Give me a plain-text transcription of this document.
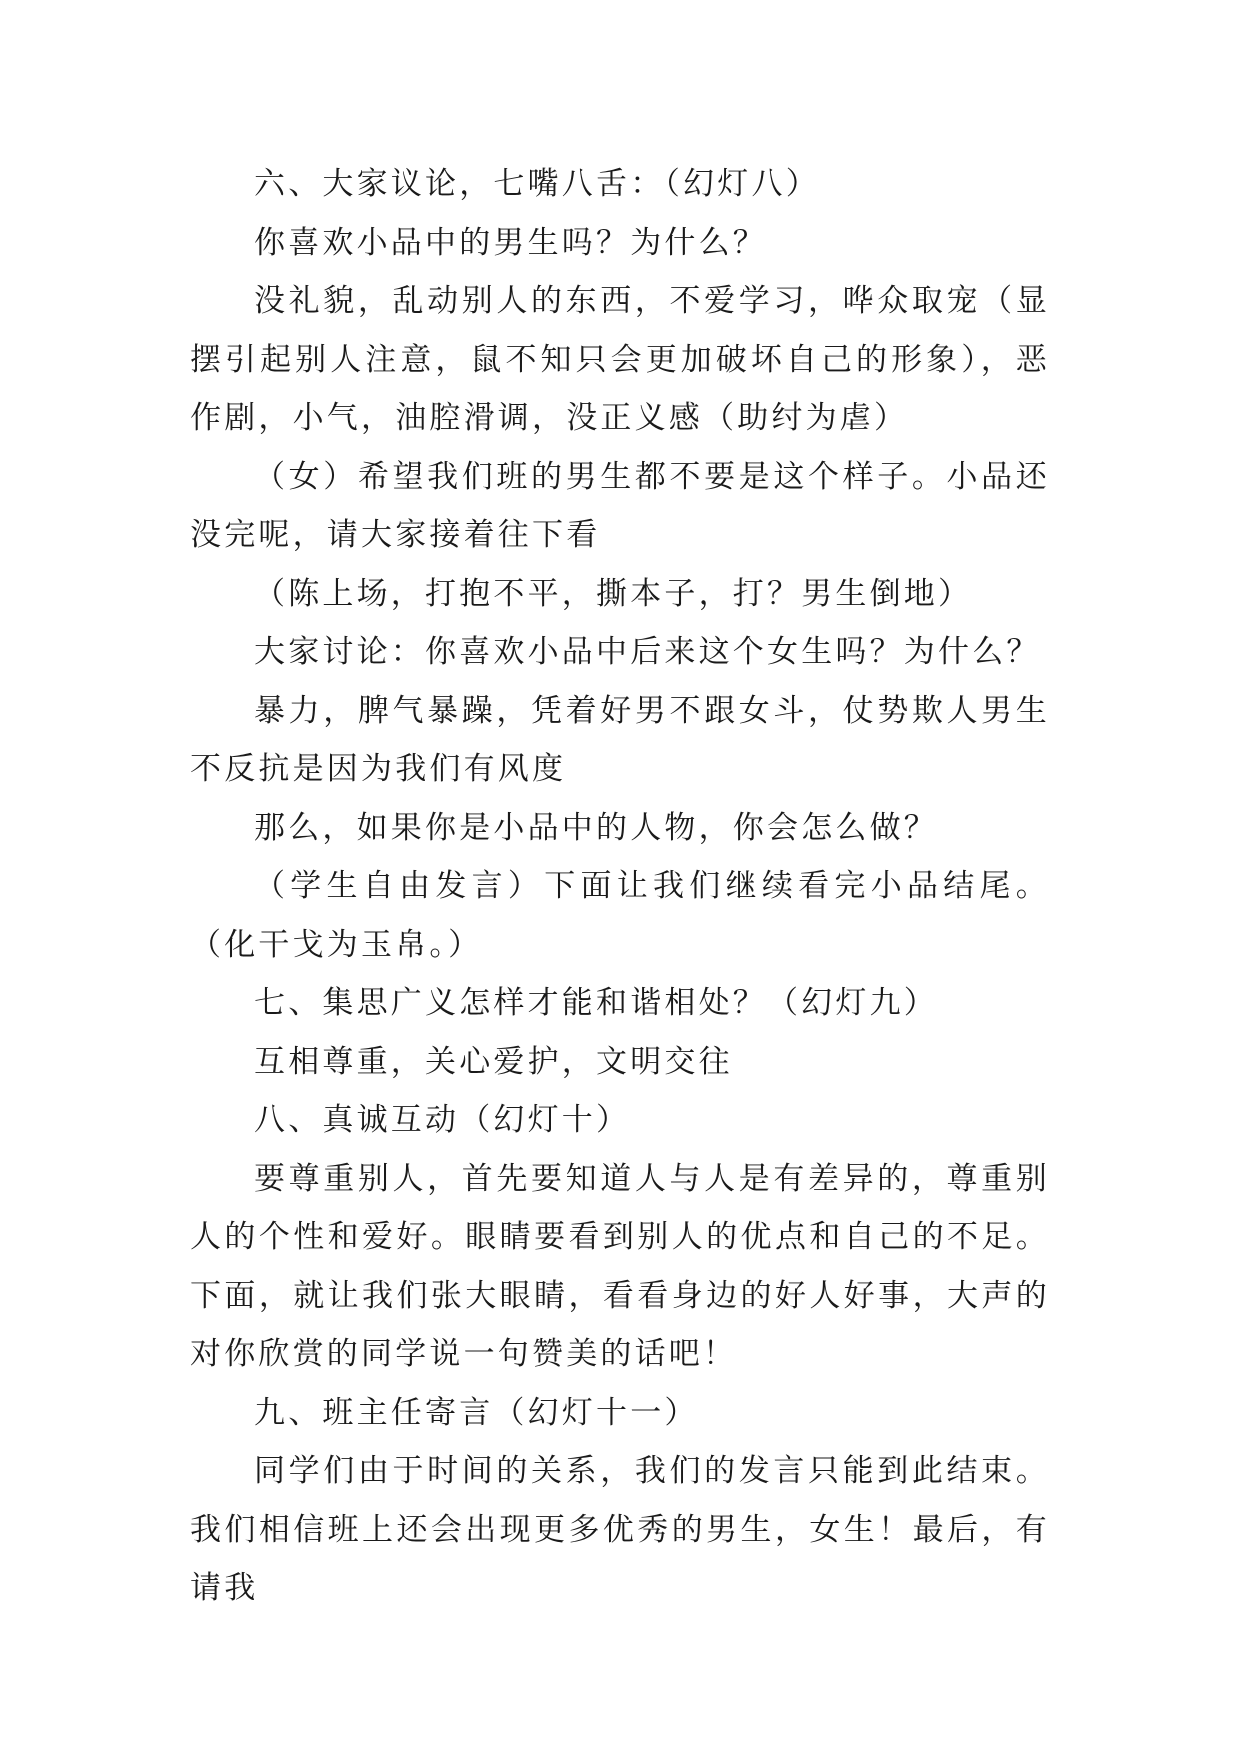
六、大家议论，七嘴八舌：（幻灯八）

你喜欢小品中的男生吗？为什么？

没礼貌，乱动别人的东西，不爱学习，哗众取宠（显摆引起别人注意，鼠不知只会更加破坏自己的形象），恶作剧，小气，油腔滑调，没正义感（助纣为虐）

（女）希望我们班的男生都不要是这个样子。小品还没完呢，请大家接着往下看

（陈上场，打抱不平，撕本子，打？男生倒地）

大家讨论：你喜欢小品中后来这个女生吗？为什么？

暴力，脾气暴躁，凭着好男不跟女斗，仗势欺人男生不反抗是因为我们有风度

那么，如果你是小品中的人物，你会怎么做？

（学生自由发言）下面让我们继续看完小品结尾。（化干戈为玉帛。）

七、集思广义怎样才能和谐相处？（幻灯九）

互相尊重，关心爱护，文明交往

八、真诚互动（幻灯十）

要尊重别人，首先要知道人与人是有差异的，尊重别人的个性和爱好。眼睛要看到别人的优点和自己的不足。下面，就让我们张大眼睛，看看身边的好人好事，大声的对你欣赏的同学说一句赞美的话吧！

九、班主任寄言（幻灯十一）

同学们由于时间的关系，我们的发言只能到此结束。我们相信班上还会出现更多优秀的男生，女生！最后，有请我
